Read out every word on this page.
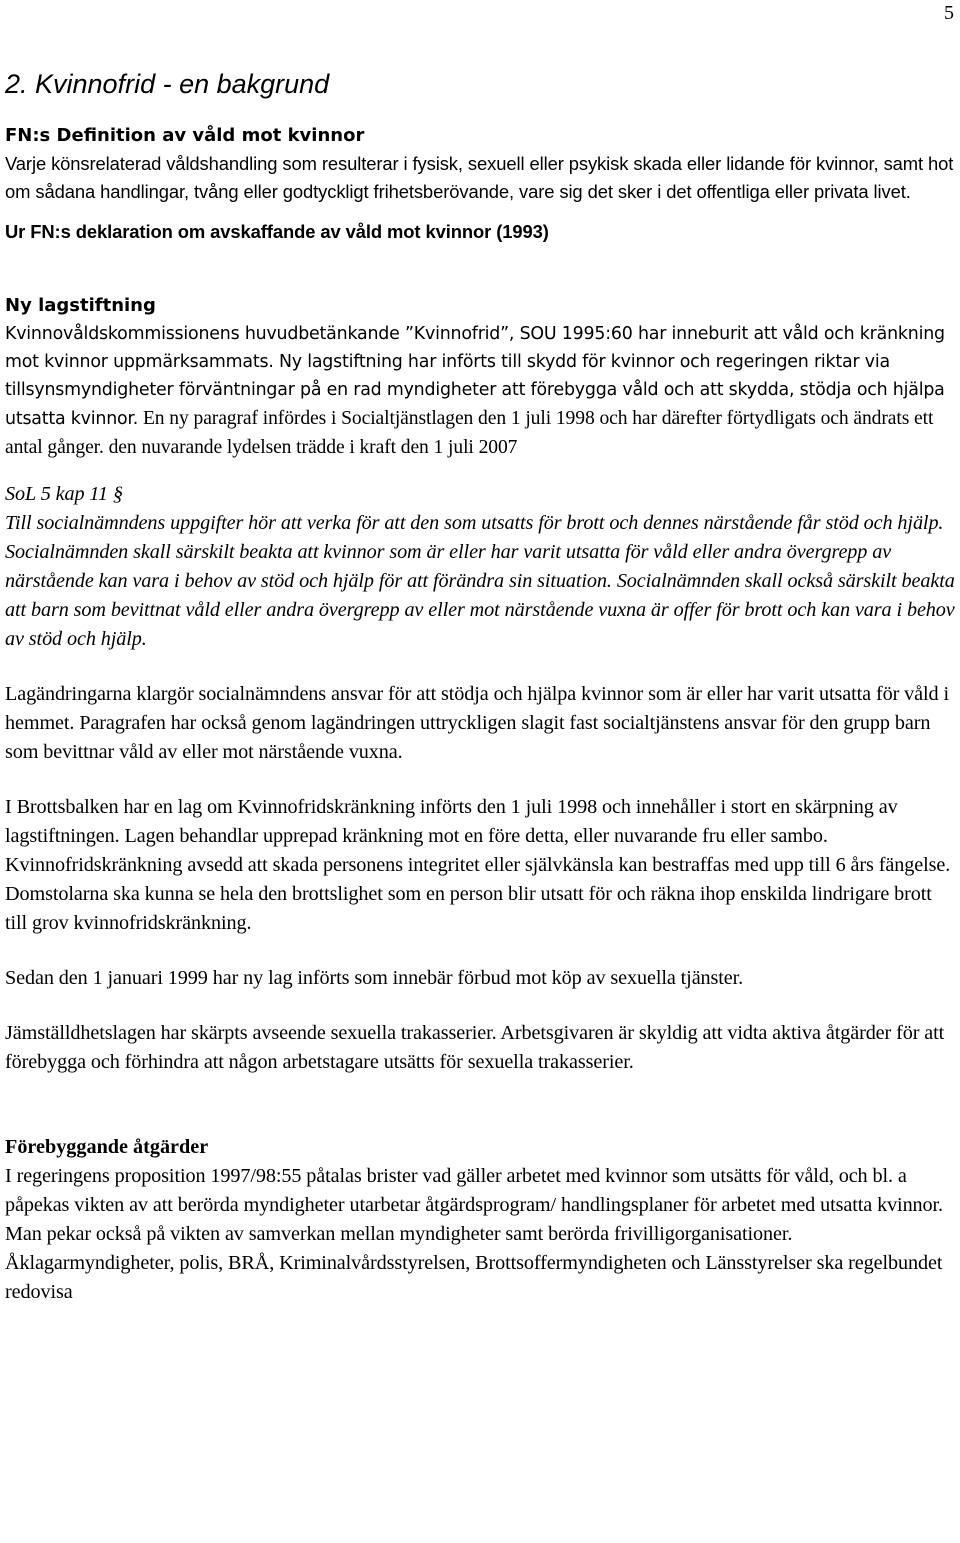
5
2. Kvinnofrid - en bakgrund
FN:s Definition av våld mot kvinnor

Varje könsrelaterad våldshandling som resulterar i fysisk, sexuell eller psykisk skada eller lidande för kvinnor, samt hot om sådana handlingar, tvång eller godtyckligt frihetsberövande, vare sig det sker i det offentliga eller privata livet.

Ur FN:s deklaration om avskaffande av våld mot kvinnor (1993)

Ny lagstiftning

Kvinnovåldskommissionens huvudbetänkande ”Kvinnofrid”, SOU 1995:60 har inneburit att våld och kränkning mot kvinnor uppmärksammats. Ny lagstiftning har införts till skydd för kvinnor och regeringen riktar via tillsynsmyndigheter förväntningar på en rad myndigheter att förebygga våld och att skydda, stödja och hjälpa utsatta kvinnor. En ny paragraf infördes i Socialtjänstlagen den 1 juli 1998 och har därefter förtydligats och ändrats ett antal gånger. den nuvarande lydelsen trädde i kraft den 1 juli 2007

SoL 5 kap 11 §

Till socialnämndens uppgifter hör att verka för att den som utsatts för brott och dennes närstående får stöd och hjälp. Socialnämnden skall särskilt beakta att kvinnor som är eller har varit utsatta för våld eller andra övergrepp av närstående kan vara i behov av stöd och hjälp för att förändra sin situation. Socialnämnden skall också särskilt beakta att barn som bevittnat våld eller andra övergrepp av eller mot närstående vuxna är offer för brott och kan vara i behov av stöd och hjälp.

Lagändringarna klargör socialnämndens ansvar för att stödja och hjälpa kvinnor som är eller har varit utsatta för våld i hemmet. Paragrafen har också genom lagändringen uttryckligen slagit fast socialtjänstens ansvar för den grupp barn som bevittnar våld av eller mot närstående vuxna.

I Brottsbalken har en lag om Kvinnofridskränkning införts den 1 juli 1998 och innehåller i stort en skärpning av lagstiftningen. Lagen behandlar upprepad kränkning mot en före detta, eller nuvarande fru eller sambo. Kvinnofridskränkning avsedd att skada personens integritet eller självkänsla kan bestraffas med upp till 6 års fängelse. Domstolarna ska kunna se hela den brottslighet som en person blir utsatt för och räkna ihop enskilda lindrigare brott till grov kvinnofridskränkning.

Sedan den 1 januari 1999 har ny lag införts som innebär förbud mot köp av sexuella tjänster.

Jämställdhetslagen har skärpts avseende sexuella trakasserier. Arbetsgivaren är skyldig att vidta aktiva åtgärder för att förebygga och förhindra att någon arbetstagare utsätts för sexuella trakasserier.

Förebyggande åtgärder

I regeringens proposition 1997/98:55 påtalas brister vad gäller arbetet med kvinnor som utsätts för våld, och bl. a påpekas vikten av att berörda myndigheter utarbetar åtgärdsprogram/ handlingsplaner för arbetet med utsatta kvinnor. Man pekar också på vikten av samverkan mellan myndigheter samt berörda frivilligorganisationer. Åklagarmyndigheter, polis, BRÅ, Kriminalvårdsstyrelsen, Brottsoffermyndigheten och Länsstyrelser ska regelbundet redovisa
